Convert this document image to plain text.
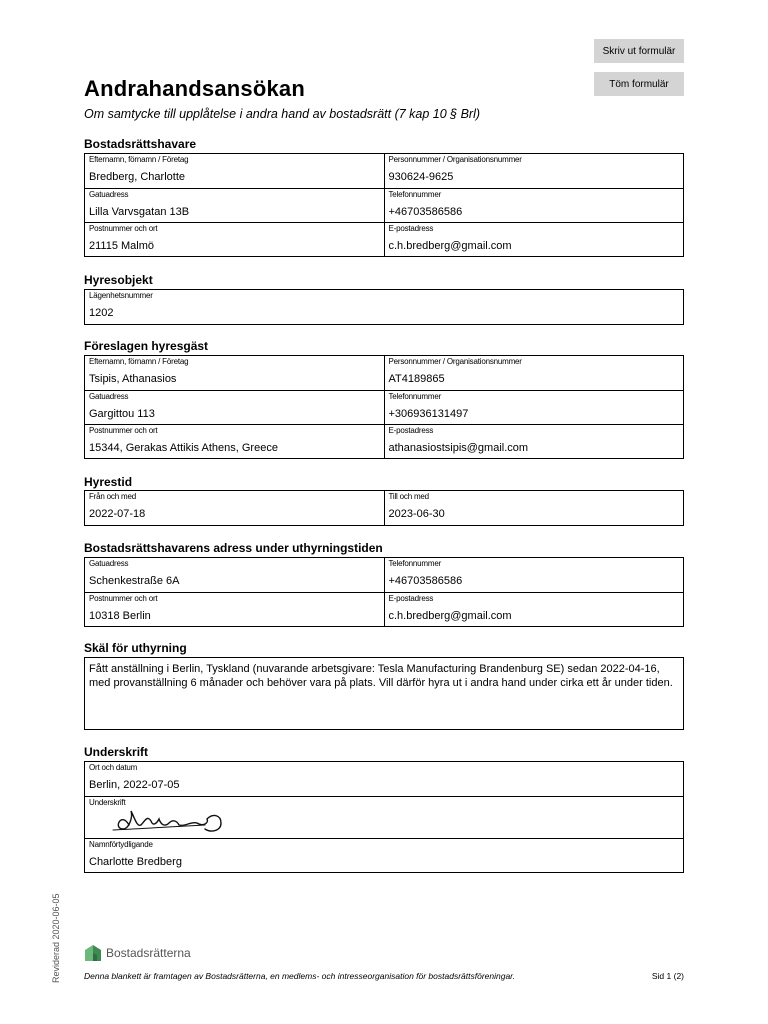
Skriv ut formulär
Töm formulär
Andrahandsansökan
Om samtycke till upplåtelse i andra hand av bostadsrätt (7 kap 10 § Brl)
Bostadsrättshavare
Efternamn, förnamn / Företag
Bredberg, Charlotte
Personnummer / Organisationsnummer
930624-9625
Gatuadress
Lilla Varvsgatan 13B
Telefonnummer
+46703586586
Postnummer och ort
21115 Malmö
E-postadress
c.h.bredberg@gmail.com
Hyresobjekt
Lägenhetsnummer
1202
Föreslagen hyresgäst
Efternamn, förnamn / Företag
Tsipis, Athanasios
Personnummer / Organisationsnummer
AT4189865
Gatuadress
Gargittou 113
Telefonnummer
+306936131497
Postnummer och ort
15344, Gerakas Attikis Athens, Greece
E-postadress
athanasiostsipis@gmail.com
Hyrestid
Från och med
2022-07-18
Till och med
2023-06-30
Bostadsrättshavarens adress under uthyrningstiden
Gatuadress
Schenkestraße 6A
Telefonnummer
+46703586586
Postnummer och ort
10318 Berlin
E-postadress
c.h.bredberg@gmail.com
Skäl för uthyrning
Fått anställning i Berlin, Tyskland (nuvarande arbetsgivare: Tesla Manufacturing Brandenburg SE) sedan 2022-04-16, med provanställning 6 månader och behöver vara på plats. Vill därför hyra ut i andra hand under cirka ett år under tiden.
Underskrift
Ort och datum
Berlin, 2022-07-05
Underskrift
Namnförtydligande
Charlotte Bredberg
Reviderad 2020-06-05	Bostadsrätterna
Denna blankett är framtagen av Bostadsrätterna, en medlems- och intresseorganisation för bostadsrättsföreningar.	Sid 1 (2)
